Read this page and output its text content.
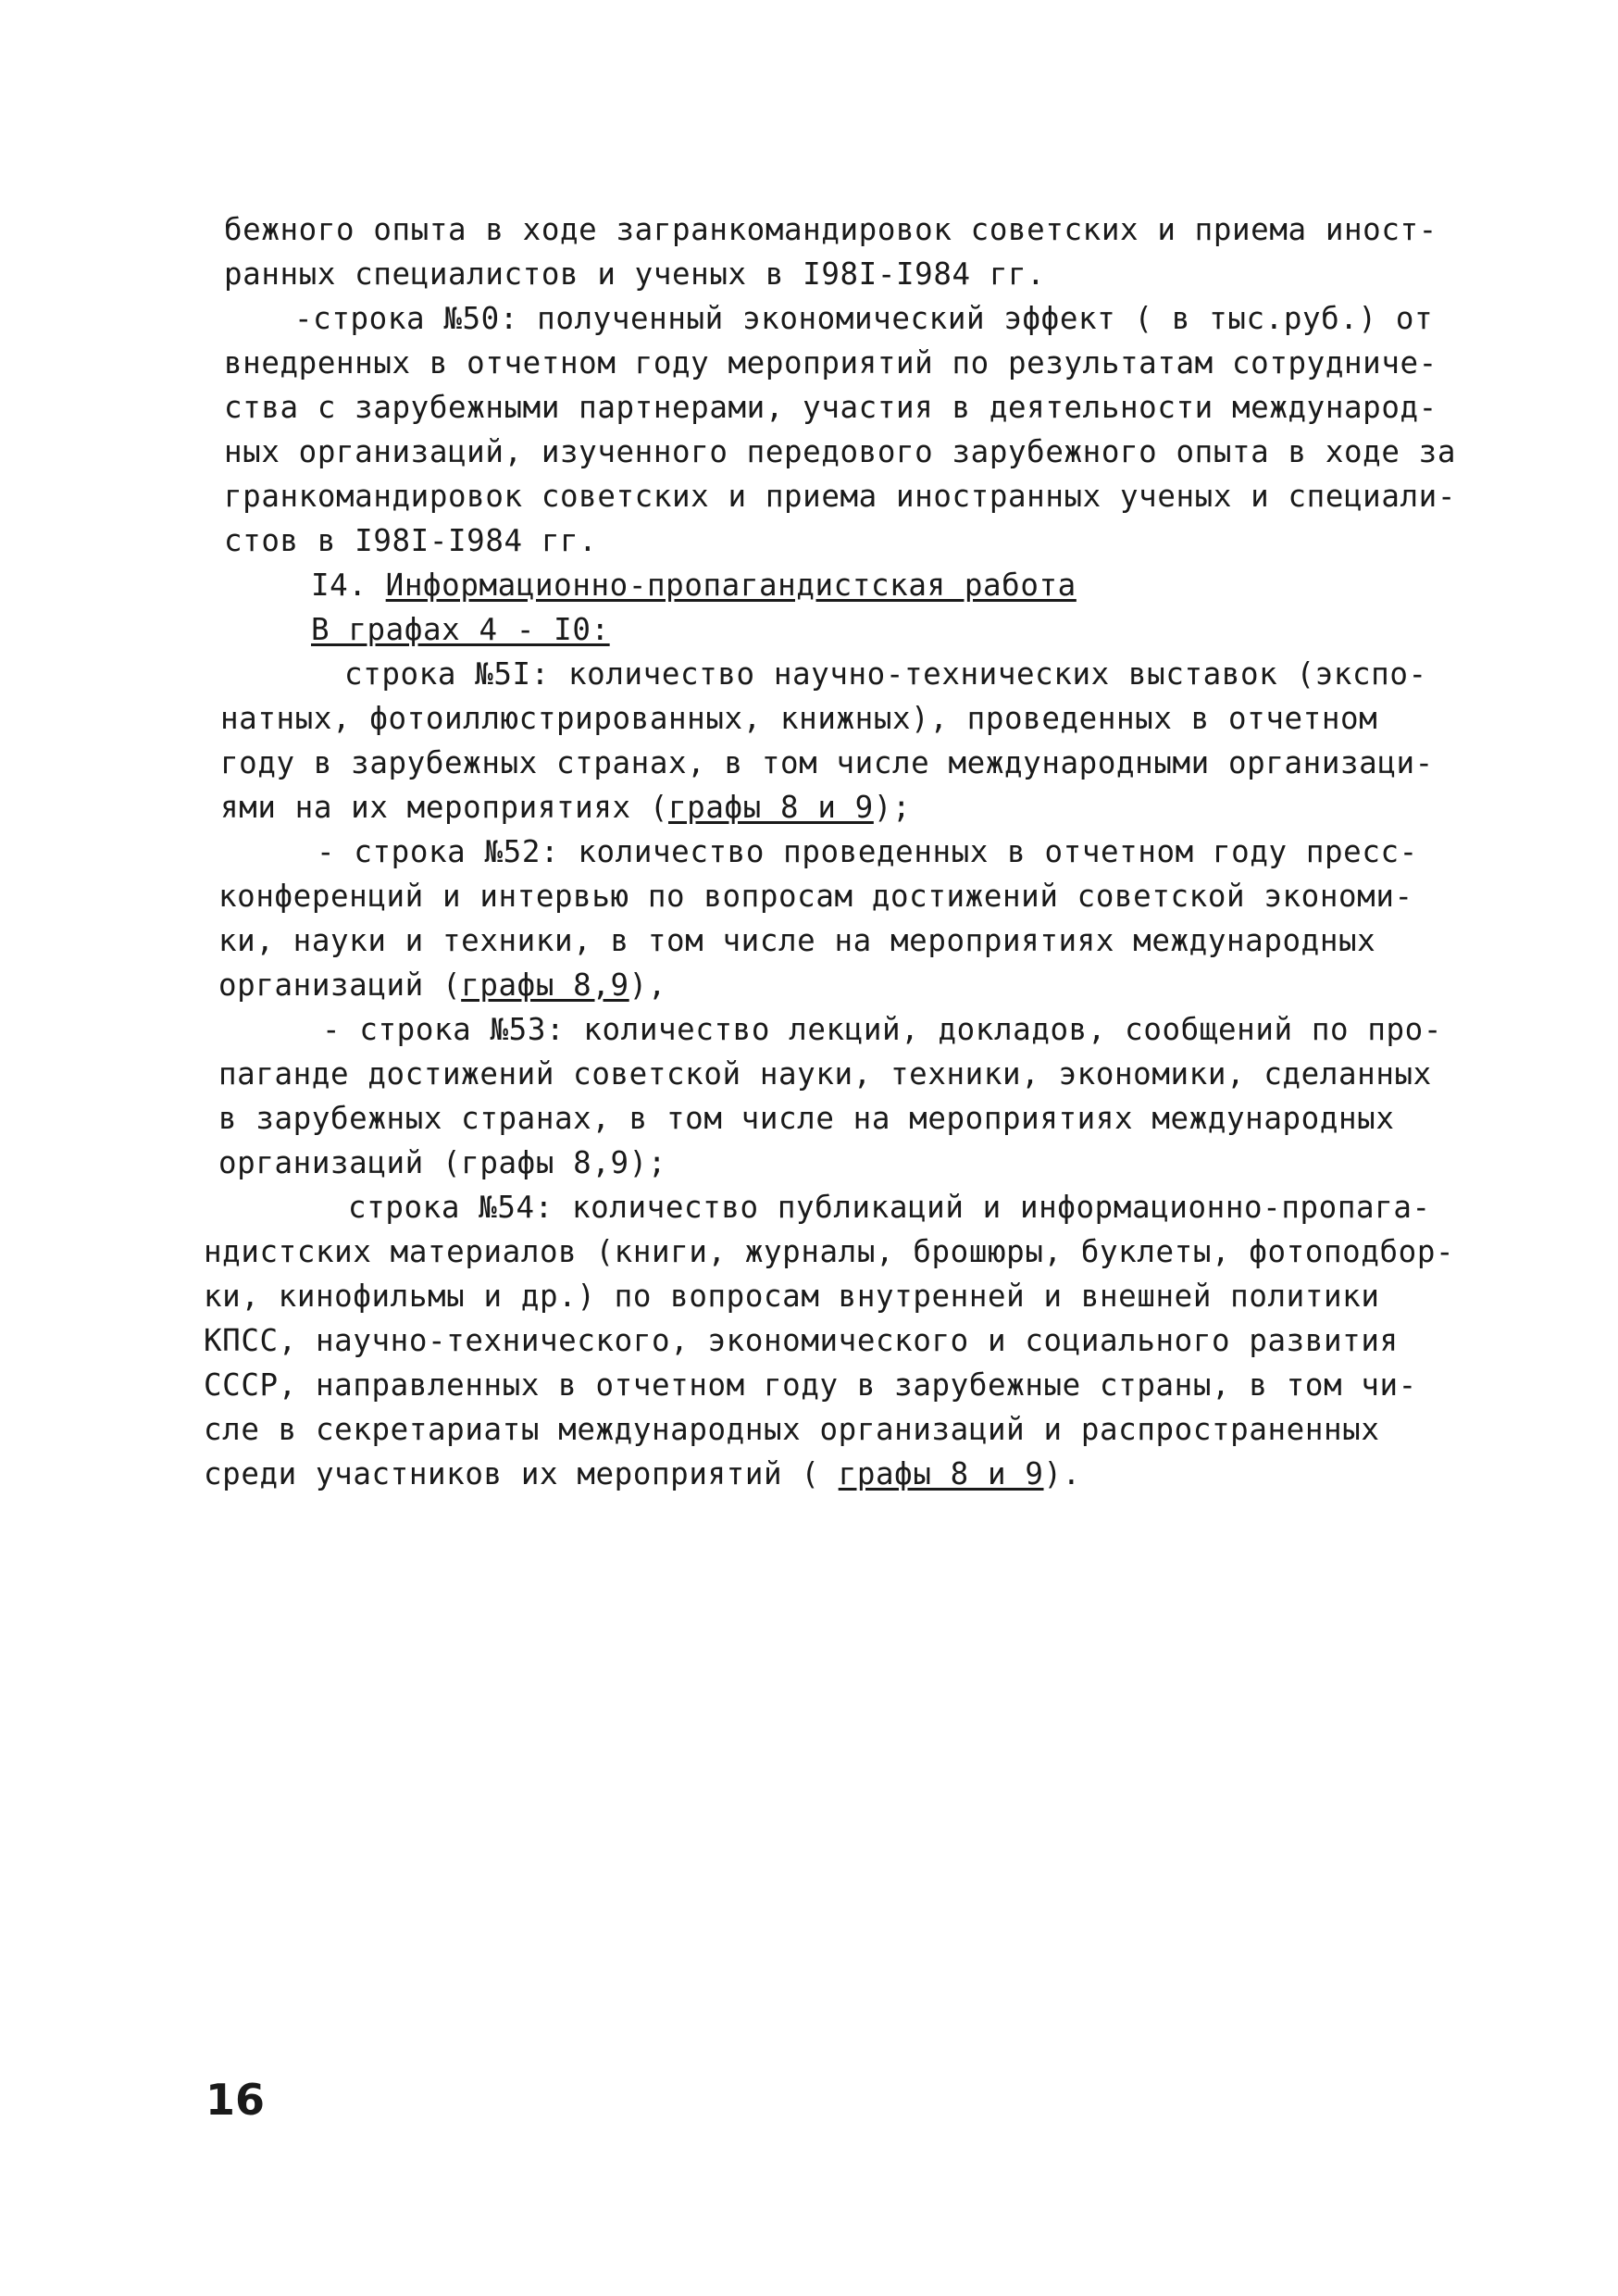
бежного опыта в ходе загранкомандировок советских и приема иност-
ранных специалистов и ученых в I98I-I984 гг.
-строка №50: полученный экономический эффект ( в тыс.руб.) от
внедренных в отчетном году мероприятий по результатам сотрудниче-
ства с зарубежными партнерами, участия в деятельности международ-
ных организаций, изученного передового зарубежного опыта в ходе за
гранкомандировок советских и приема иностранных ученых и специали-
стов в I98I-I984 гг.
I4. Информационно-пропагандистская работа
В графах 4 - I0:
строка №5I: количество научно-технических выставок (экспо-
натных, фотоиллюстрированных, книжных), проведенных в отчетном
году в зарубежных странах, в том числе международными организаци-
ями на их мероприятиях (графы 8 и 9);
- строка №52: количество проведенных в отчетном году пресс-
конференций и интервью по вопросам достижений советской экономи-
ки, науки и техники, в том числе на мероприятиях международных
организаций (графы 8,9),
- строка №53: количество лекций, докладов, сообщений по про-
паганде достижений советской науки, техники, экономики, сделанных
в зарубежных странах, в том числе на мероприятиях международных
организаций (графы 8,9);
строка №54: количество публикаций и информационно-пропага-
ндистских материалов (книги, журналы, брошюры, буклеты, фотоподбор-
ки, кинофильмы и др.) по вопросам внутренней и внешней политики
КПСС, научно-технического, экономического и социального развития
СССР, направленных в отчетном году в зарубежные страны, в том чи-
сле в секретариаты международных организаций и распространенных
среди участников их мероприятий ( графы 8 и 9).
16
